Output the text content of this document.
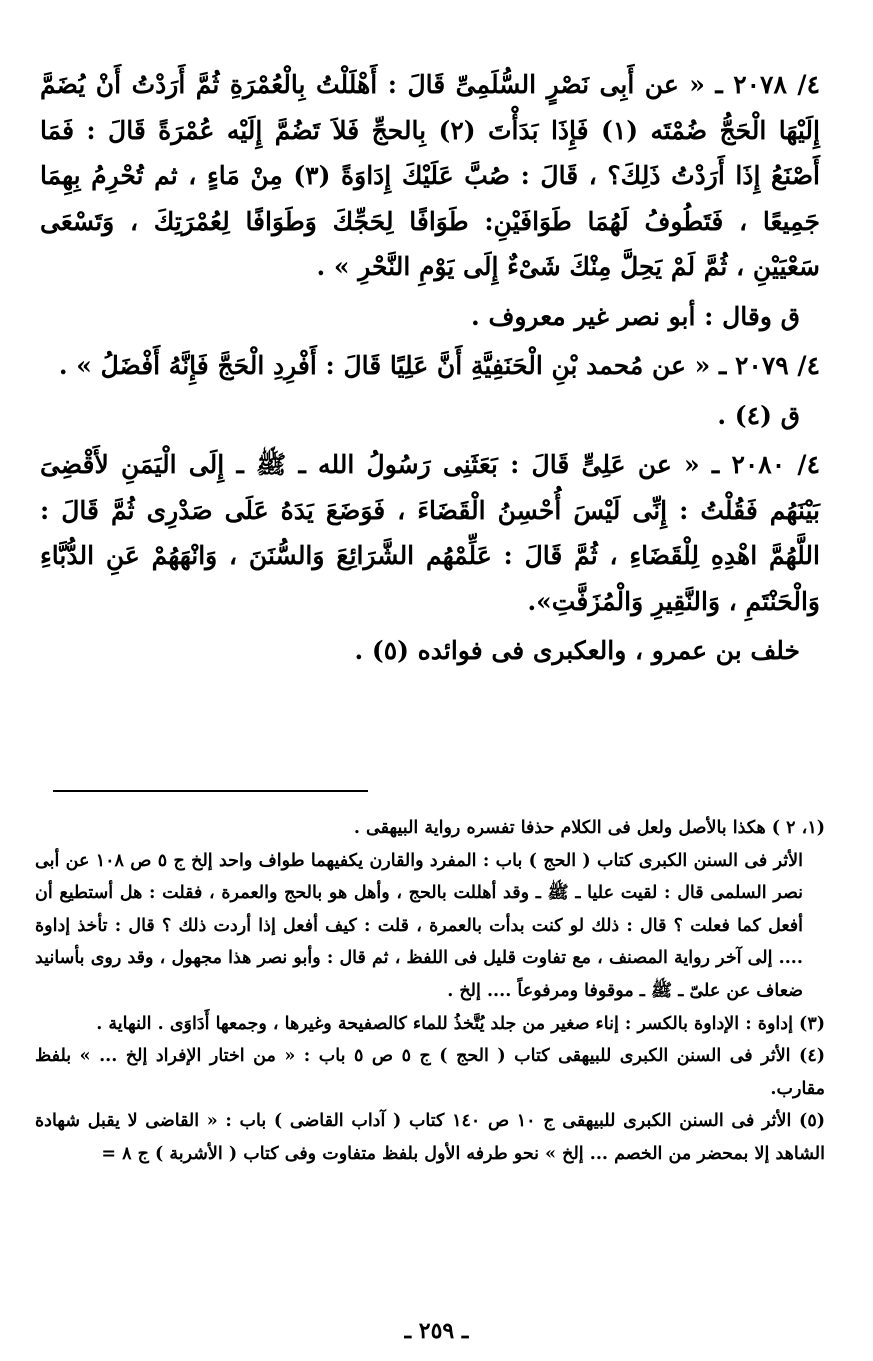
٤/ ٢٠٧٨ ـ « عن أَبِى نَصْرٍ السُّلَمِىِّ قَالَ : أَهْلَلْتُ بِالْعُمْرَةِ ثُمَّ أَرَدْتُ أَنْ يُضَمَّ إِلَيْهَا الْحَجُّ ضُمْتَه (١) فَإِذَا بَدَأْتَ (٢) بِالحجِّ فَلاَ تَضُمَّ إِلَيْه عُمْرَةً قَالَ : فَمَا أَصْنَعُ إِذَا أَرَدْتُ ذَلِكَ؟ ، قَالَ : صُبَّ عَلَيْكَ إِدَاوَةً (٣) مِنْ مَاءٍ ، ثم تُحْرِمُ بِهِمَا جَمِيعًا ، فَتَطُوفُ لَهُمَا طَوَافَيْنِ: طَوَافًا لِحَجِّكَ وَطَوَافًا لِعُمْرَتِكَ ، وَتَسْعَى سَعْيَيْنِ ، ثُمَّ لَمْ يَحِلَّ مِنْكَ شَىْءٌ إِلَى يَوْمِ النَّحْرِ » .

ق وقال : أبو نصر غير معروف .

٤/ ٢٠٧٩ ـ « عن مُحمد بْنِ الْحَنَفِيَّةِ أَنَّ عَلِيًا قَالَ : أَفْرِدِ الْحَجَّ فَإِنَّهُ أَفْضَلُ » .

ق (٤) .

٤/ ٢٠٨٠ ـ « عن عَلِىٍّ قَالَ : بَعَثَنِى رَسُولُ الله ـ ﷺ ـ إِلَى الْيَمَنِ لأَقْضِىَ بَيْنَهُم فَقُلْتُ : إِنِّى لَيْسَ أُحْسِنُ الْقَضَاءَ ، فَوَضَعَ يَدَهُ عَلَى صَدْرِى ثُمَّ قَالَ : اللَّهُمَّ اهْدِهِ لِلْقَضَاءِ ، ثُمَّ قَالَ : عَلِّمْهُم الشَّرَائِعَ وَالسُّنَنَ ، وَانْهَهُمْ عَنِ الدُّبَّاءِ وَالْحَنْتَمِ ، وَالنَّقِيرِ وَالْمُزَفَّتِ».

خلف بن عمرو ، والعكبرى فى فوائده (٥) .

(١، ٢ ) هكذا بالأصل ولعل فى الكلام حذفا تفسره رواية البيهقى .

الأثر فى السنن الكبرى كتاب ( الحج ) باب : المفرد والقارن يكفيهما طواف واحد إلخ ج ٥ ص ١٠٨ عن أبى نصر السلمى قال : لقيت عليا ـ ﷺ ـ وقد أهللت بالحج ، وأهل هو بالحج والعمرة ، فقلت : هل أستطيع أن أفعل كما فعلت ؟ قال : ذلك لو كنت بدأت بالعمرة ، قلت : كيف أفعل إذا أردت ذلك ؟ قال : تأخذ إداوة .... إلى آخر رواية المصنف ، مع تفاوت قليل فى اللفظ ، ثم قال : وأبو نصر هذا مجهول ، وقد روى بأسانيد ضعاف عن علىّ ـ ﷺ ـ موقوفا ومرفوعاً .... إلخ .

(٣) إداوة : الإداوة بالكسر : إناء صغير من جلد يُتَّخذُ للماء كالصفيحة وغيرها ، وجمعها أَدَاوَى . النهاية .

(٤) الأثر فى السنن الكبرى للبيهقى كتاب ( الحج ) ج ٥ ص ٥ باب : « من اختار الإفراد إلخ ... » بلفظ مقارب.

(٥) الأثر فى السنن الكبرى للبيهقى ج ١٠ ص ١٤٠ كتاب ( آداب القاضى ) باب : « القاضى لا يقبل شهادة الشاهد إلا بمحضر من الخصم ... إلخ » نحو طرفه الأول بلفظ متفاوت وفى كتاب ( الأشربة ) ج ٨ =

ـ ٢٥٩ ـ
